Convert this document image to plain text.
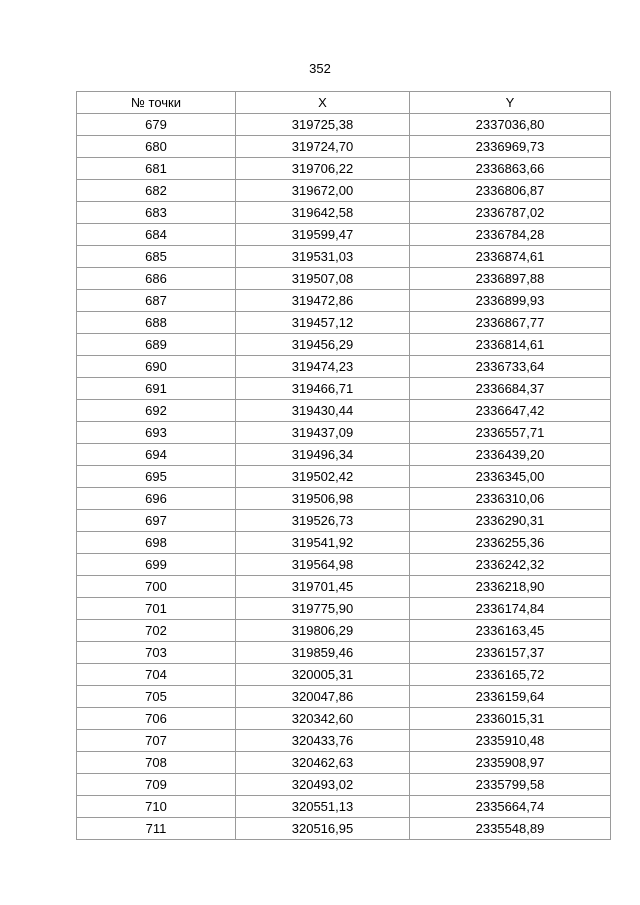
352
№ точки	X	Y
679	319725,38	2337036,80
680	319724,70	2336969,73
681	319706,22	2336863,66
682	319672,00	2336806,87
683	319642,58	2336787,02
684	319599,47	2336784,28
685	319531,03	2336874,61
686	319507,08	2336897,88
687	319472,86	2336899,93
688	319457,12	2336867,77
689	319456,29	2336814,61
690	319474,23	2336733,64
691	319466,71	2336684,37
692	319430,44	2336647,42
693	319437,09	2336557,71
694	319496,34	2336439,20
695	319502,42	2336345,00
696	319506,98	2336310,06
697	319526,73	2336290,31
698	319541,92	2336255,36
699	319564,98	2336242,32
700	319701,45	2336218,90
701	319775,90	2336174,84
702	319806,29	2336163,45
703	319859,46	2336157,37
704	320005,31	2336165,72
705	320047,86	2336159,64
706	320342,60	2336015,31
707	320433,76	2335910,48
708	320462,63	2335908,97
709	320493,02	2335799,58
710	320551,13	2335664,74
711	320516,95	2335548,89
